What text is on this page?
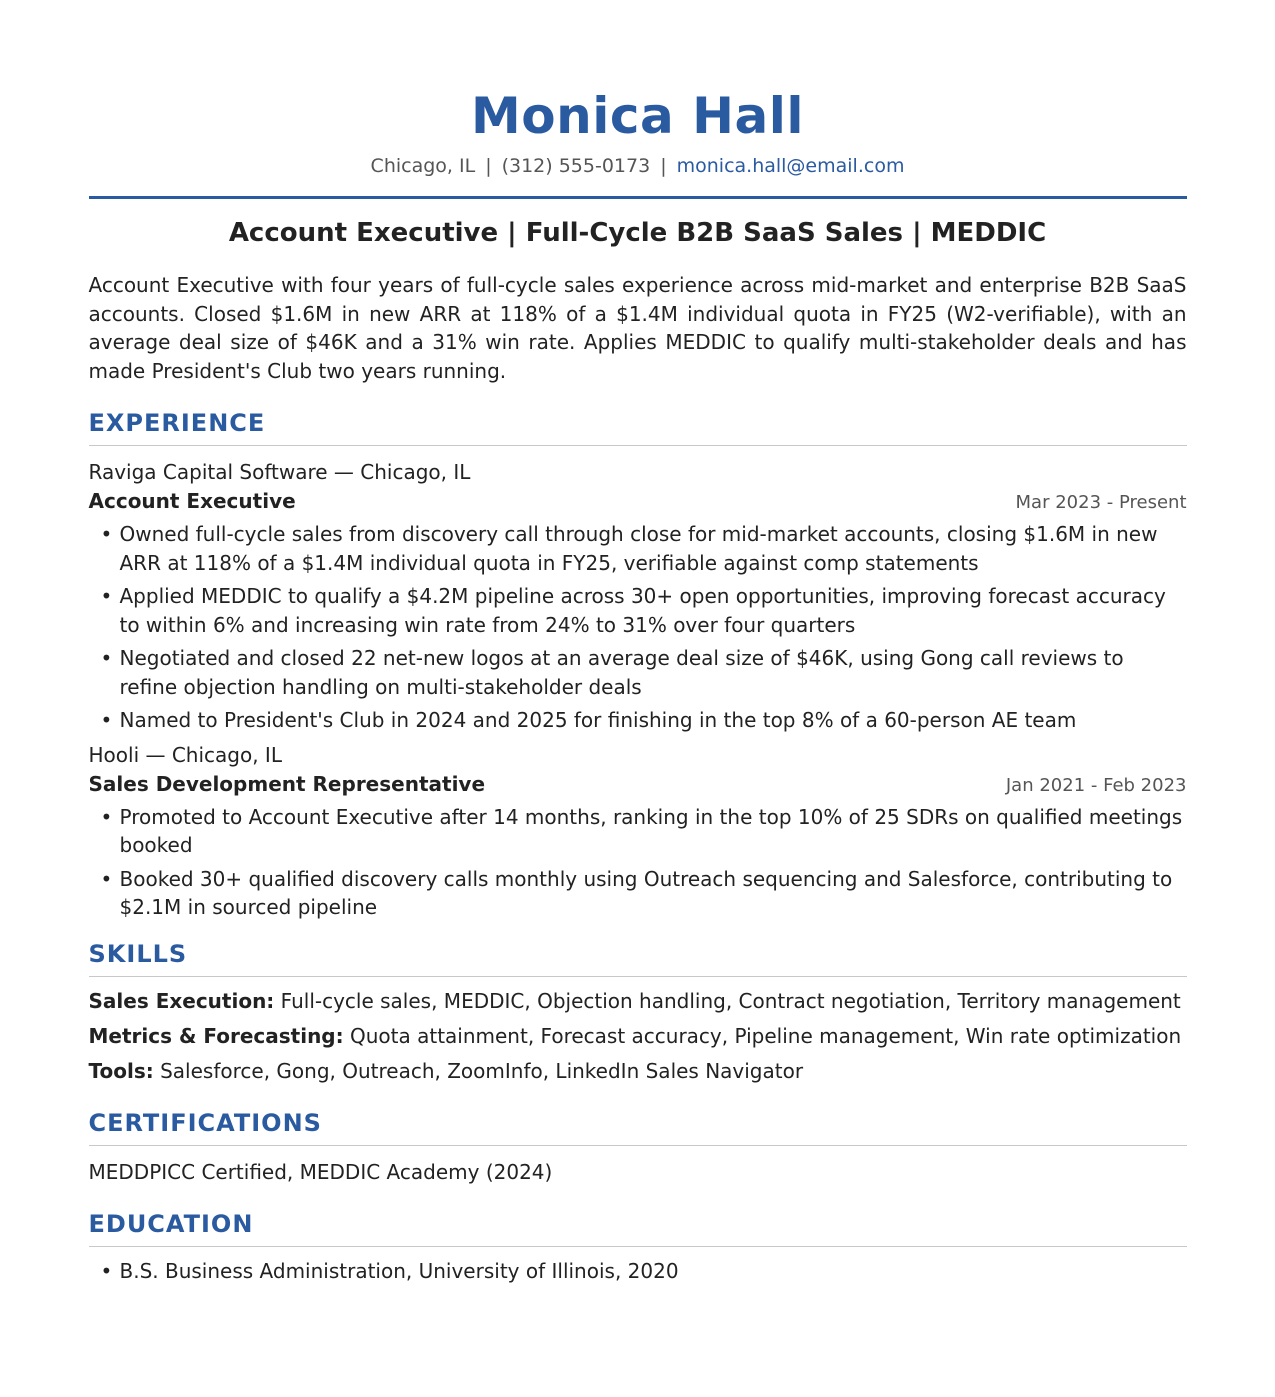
Monica Hall
Chicago, IL | (312) 555-0173 | monica.hall@email.com
Account Executive | Full-Cycle B2B SaaS Sales | MEDDIC
Account Executive with four years of full-cycle sales experience across mid-market and enterprise B2B SaaS accounts. Closed $1.6M in new ARR at 118% of a $1.4M individual quota in FY25 (W2-verifiable), with an average deal size of $46K and a 31% win rate. Applies MEDDIC to qualify multi-stakeholder deals and has made President's Club two years running.
EXPERIENCE
Raviga Capital Software — Chicago, IL
Account Executive	Mar 2023 - Present
• Owned full-cycle sales from discovery call through close for mid-market accounts, closing $1.6M in new ARR at 118% of a $1.4M individual quota in FY25, verifiable against comp statements
• Applied MEDDIC to qualify a $4.2M pipeline across 30+ open opportunities, improving forecast accuracy to within 6% and increasing win rate from 24% to 31% over four quarters
• Negotiated and closed 22 net-new logos at an average deal size of $46K, using Gong call reviews to refine objection handling on multi-stakeholder deals
• Named to President's Club in 2024 and 2025 for finishing in the top 8% of a 60-person AE team
Hooli — Chicago, IL
Sales Development Representative	Jan 2021 - Feb 2023
• Promoted to Account Executive after 14 months, ranking in the top 10% of 25 SDRs on qualified meetings booked
• Booked 30+ qualified discovery calls monthly using Outreach sequencing and Salesforce, contributing to $2.1M in sourced pipeline
SKILLS
Sales Execution: Full-cycle sales, MEDDIC, Objection handling, Contract negotiation, Territory management
Metrics & Forecasting: Quota attainment, Forecast accuracy, Pipeline management, Win rate optimization
Tools: Salesforce, Gong, Outreach, ZoomInfo, LinkedIn Sales Navigator
CERTIFICATIONS
MEDDPICC Certified, MEDDIC Academy (2024)
EDUCATION
• B.S. Business Administration, University of Illinois, 2020
